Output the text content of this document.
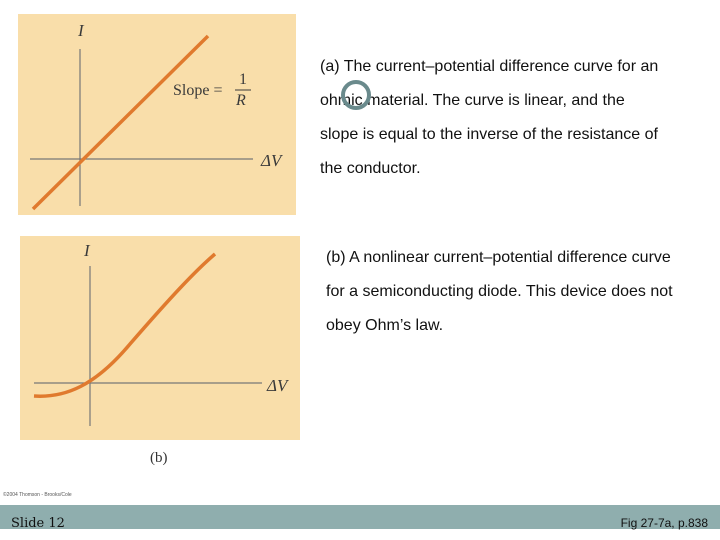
I
ΔV
Slope =
1
R
I
ΔV
(b)
©2004 Thomson - Brooks/Cole
(a) The current–potential difference curve for an ohmic material. The curve is linear, and the slope is equal to the inverse of the resistance of the conductor.
(b) A nonlinear current–potential difference curve for a semiconducting diode. This device does not obey Ohm’s law.
Slide 12	Fig 27-7a, p.838
